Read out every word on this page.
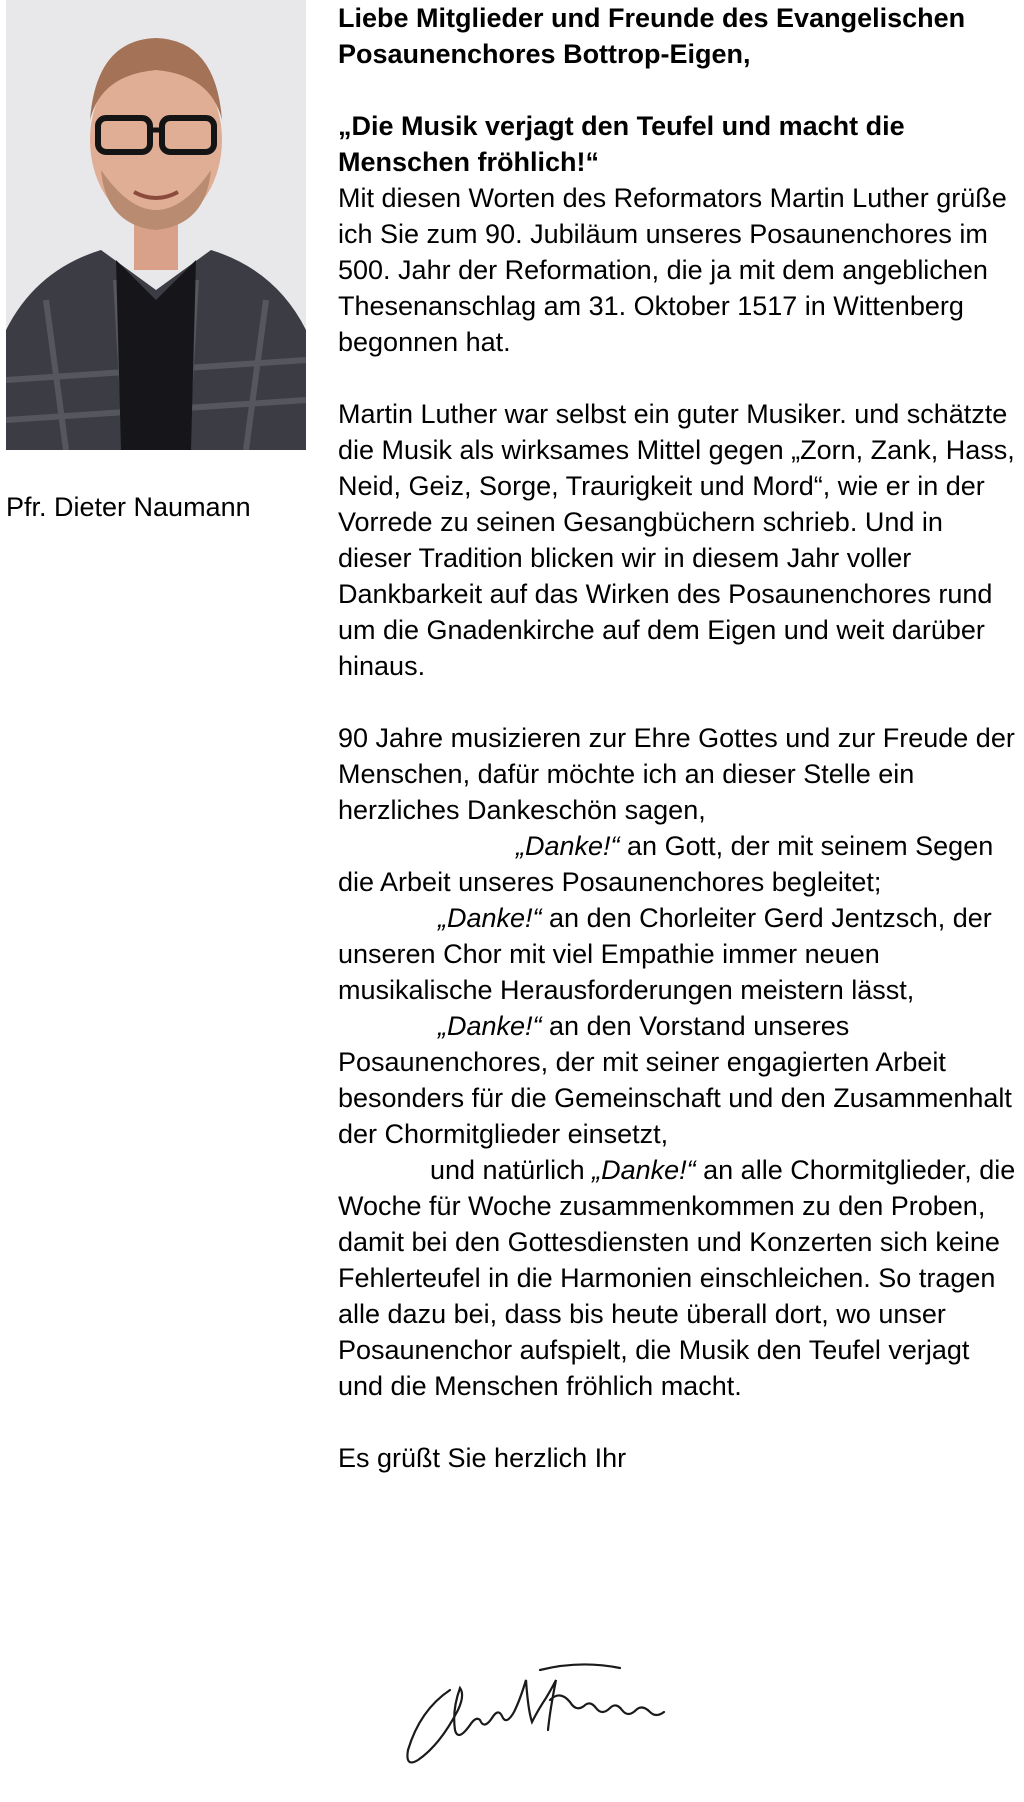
Pfr. Dieter Naumann

Liebe Mitglieder und Freunde des Evangelischen Posaunenchores Bottrop-Eigen,

„Die Musik verjagt den Teufel und macht die Menschen fröhlich!“

Mit diesen Worten des Reformators Martin Luther grüße ich Sie zum 90. Jubiläum unseres Posaunenchores im 500. Jahr der Reformation, die ja mit dem angeblichen Thesenanschlag am 31. Oktober 1517 in Wittenberg begonnen hat.

Martin Luther war selbst ein guter Musiker. und schätzte die Musik als wirksames Mittel gegen „Zorn, Zank, Hass, Neid, Geiz, Sorge, Traurigkeit und Mord“, wie er in der Vorrede zu seinen Gesangbüchern schrieb. Und in dieser Tradition blicken wir in diesem Jahr voller Dankbarkeit auf das Wirken des Posaunenchores rund um die Gnadenkirche auf dem Eigen und weit darüber hinaus.

90 Jahre musizieren zur Ehre Gottes und zur Freude der Menschen, dafür möchte ich an dieser Stelle ein herzliches Dankeschön sagen,

„Danke!“ an Gott, der mit seinem Segen die Arbeit unseres Posaunenchores begleitet;

„Danke!“ an den Chorleiter Gerd Jentzsch, der unseren Chor mit viel Empathie immer neuen musikalische Herausforderungen meistern lässt,

„Danke!“ an den Vorstand unseres Posaunenchores, der mit seiner engagierten Arbeit besonders für die Gemeinschaft und den Zusammenhalt der Chormitglieder einsetzt,

und natürlich „Danke!“ an alle Chormitglieder, die Woche für Woche zusammenkommen zu den Proben, damit bei den Gottesdiensten und Konzerten sich keine Fehlerteufel in die Harmonien einschleichen. So tragen alle dazu bei, dass bis heute überall dort, wo unser Posaunenchor aufspielt, die Musik den Teufel verjagt und die Menschen fröhlich macht.

Es grüßt Sie herzlich Ihr
